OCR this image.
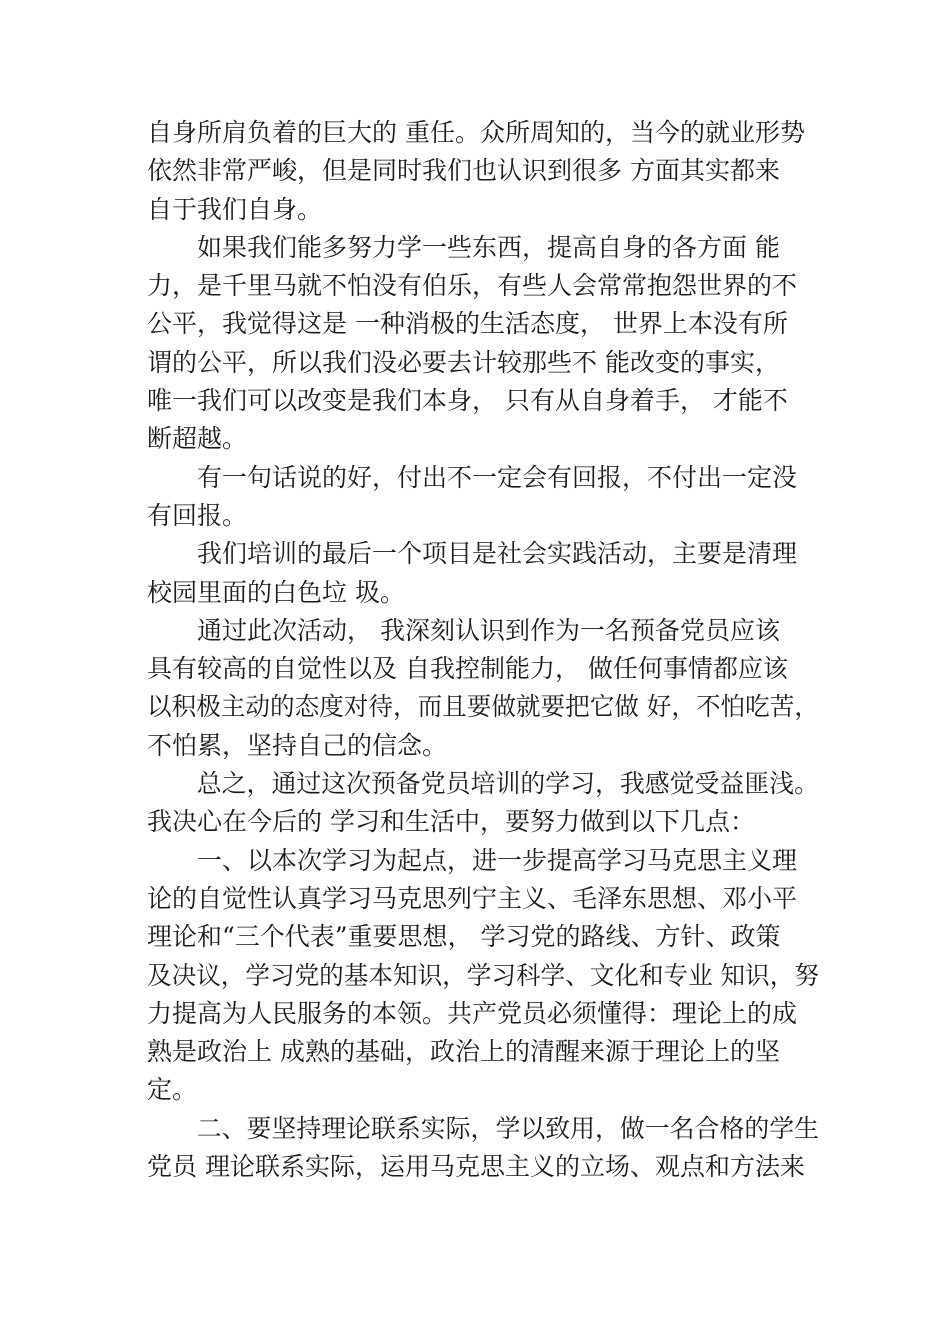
自身所肩负着的巨大的 重任。众所周知的，当今的就业形势
依然非常严峻，但是同时我们也认识到很多 方面其实都来
自于我们自身。
　　如果我们能多努力学一些东西，提高自身的各方面 能
力，是千里马就不怕没有伯乐，有些人会常常抱怨世界的不
公平，我觉得这是 一种消极的生活态度， 世界上本没有所
谓的公平，所以我们没必要去计较那些不 能改变的事实，
唯一我们可以改变是我们本身， 只有从自身着手， 才能不
断超越。
　　有一句话说的好，付出不一定会有回报，不付出一定没
有回报。
　　我们培训的最后一个项目是社会实践活动，主要是清理
校园里面的白色垃 圾。
　　通过此次活动， 我深刻认识到作为一名预备党员应该
具有较高的自觉性以及 自我控制能力， 做任何事情都应该
以积极主动的态度对待，而且要做就要把它做 好，不怕吃苦，
不怕累，坚持自己的信念。
　　总之，通过这次预备党员培训的学习，我感觉受益匪浅。
我决心在今后的 学习和生活中，要努力做到以下几点：
　　一、以本次学习为起点，进一步提高学习马克思主义理
论的自觉性认真学习马克思列宁主义、毛泽东思想、邓小平
理论和“三个代表”重要思想， 学习党的路线、方针、政策
及决议，学习党的基本知识，学习科学、文化和专业 知识，努
力提高为人民服务的本领。共产党员必须懂得：理论上的成
熟是政治上 成熟的基础，政治上的清醒来源于理论上的坚
定。
　　二、要坚持理论联系实际，学以致用，做一名合格的学生
党员 理论联系实际，运用马克思主义的立场、观点和方法来
